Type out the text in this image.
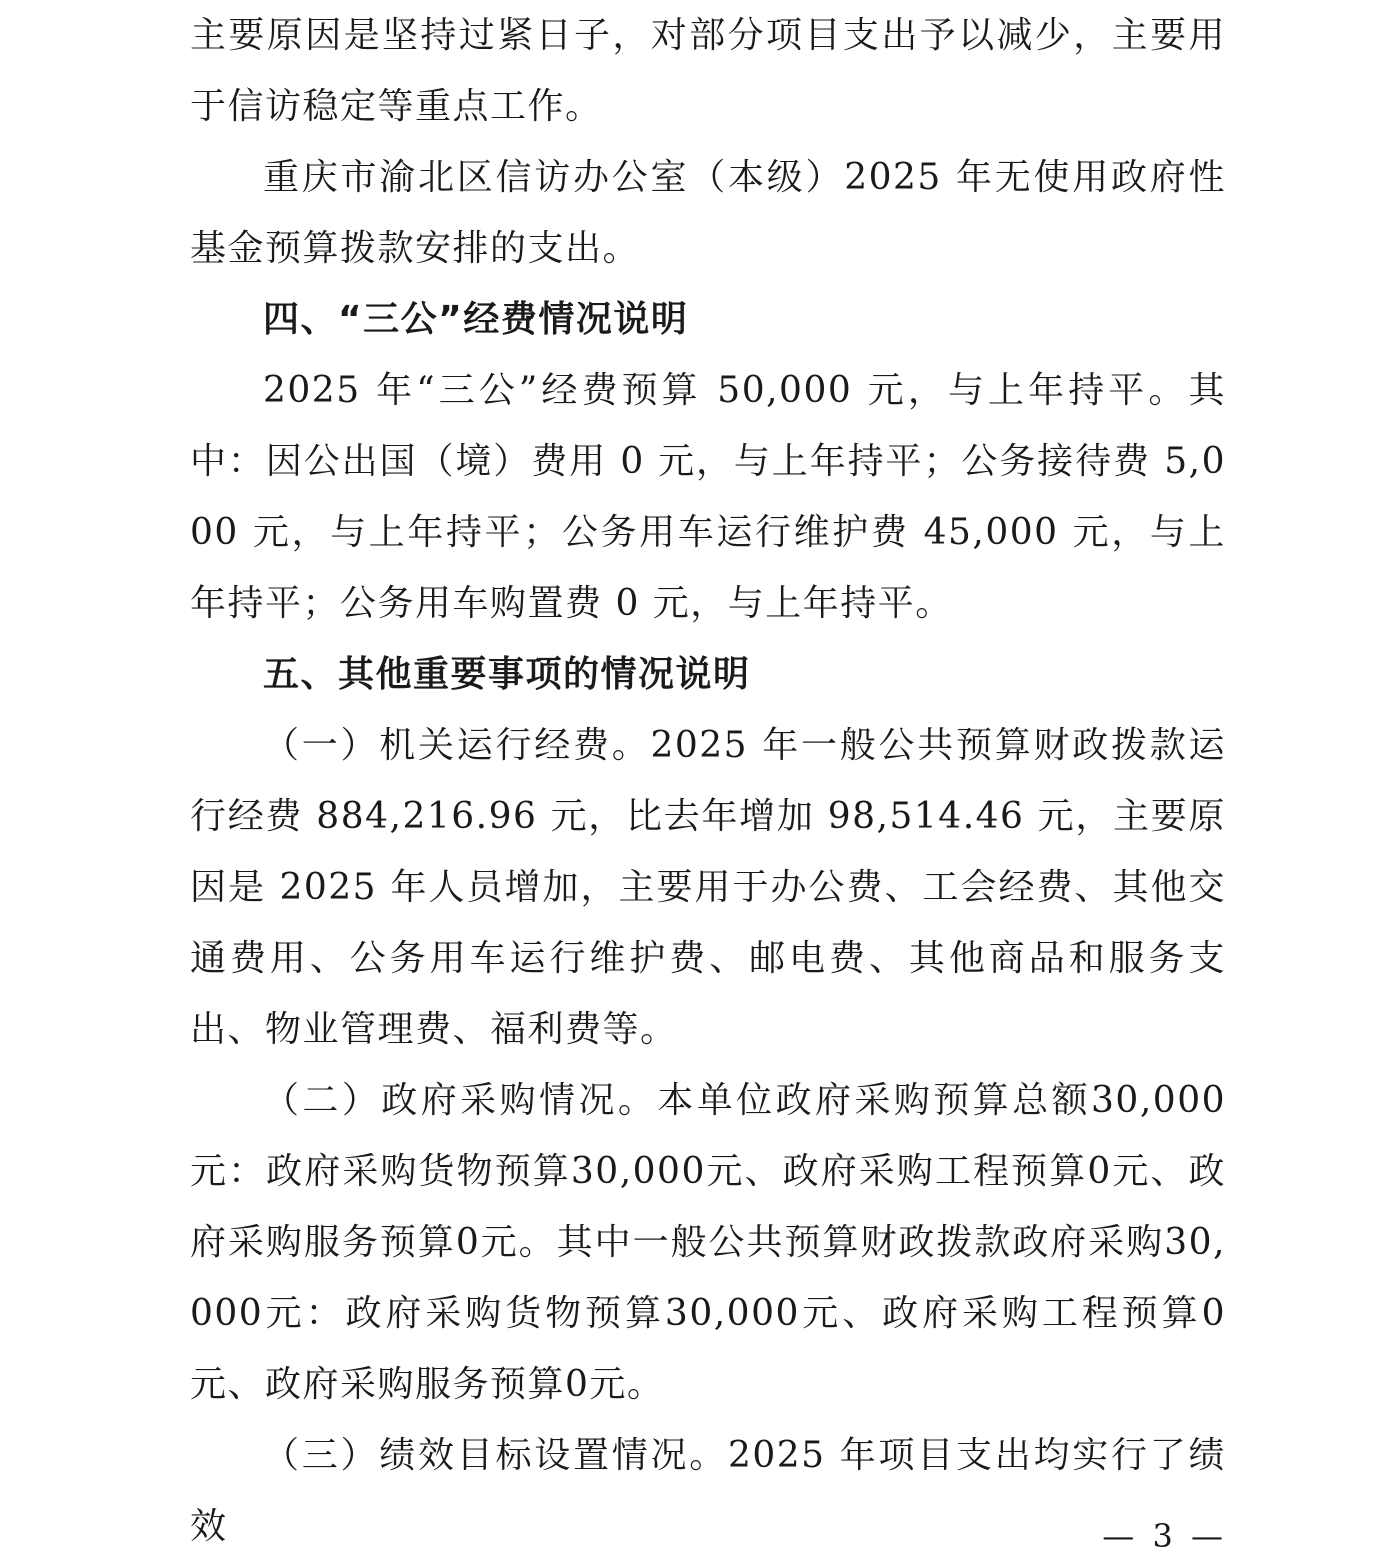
主要原因是坚持过紧日子，对部分项目支出予以减少，主要用于信访稳定等重点工作。

重庆市渝北区信访办公室（本级）2025 年无使用政府性基金预算拨款安排的支出。

四、“三公”经费情况说明

2025 年“三公”经费预算 50,000 元，与上年持平。其中：因公出国（境）费用 0 元，与上年持平；公务接待费 5,000 元，与上年持平；公务用车运行维护费 45,000 元，与上年持平；公务用车购置费 0 元，与上年持平。

五、其他重要事项的情况说明

（一）机关运行经费。2025 年一般公共预算财政拨款运行经费 884,216.96 元，比去年增加 98,514.46 元，主要原因是 2025 年人员增加，主要用于办公费、工会经费、其他交通费用、公务用车运行维护费、邮电费、其他商品和服务支出、物业管理费、福利费等。

（二）政府采购情况。本单位政府采购预算总额30,000元：政府采购货物预算30,000元、政府采购工程预算0元、政府采购服务预算0元。其中一般公共预算财政拨款政府采购30,000元：政府采购货物预算30,000元、政府采购工程预算0元、政府采购服务预算0元。

（三）绩效目标设置情况。2025 年项目支出均实行了绩效	— 3 —
